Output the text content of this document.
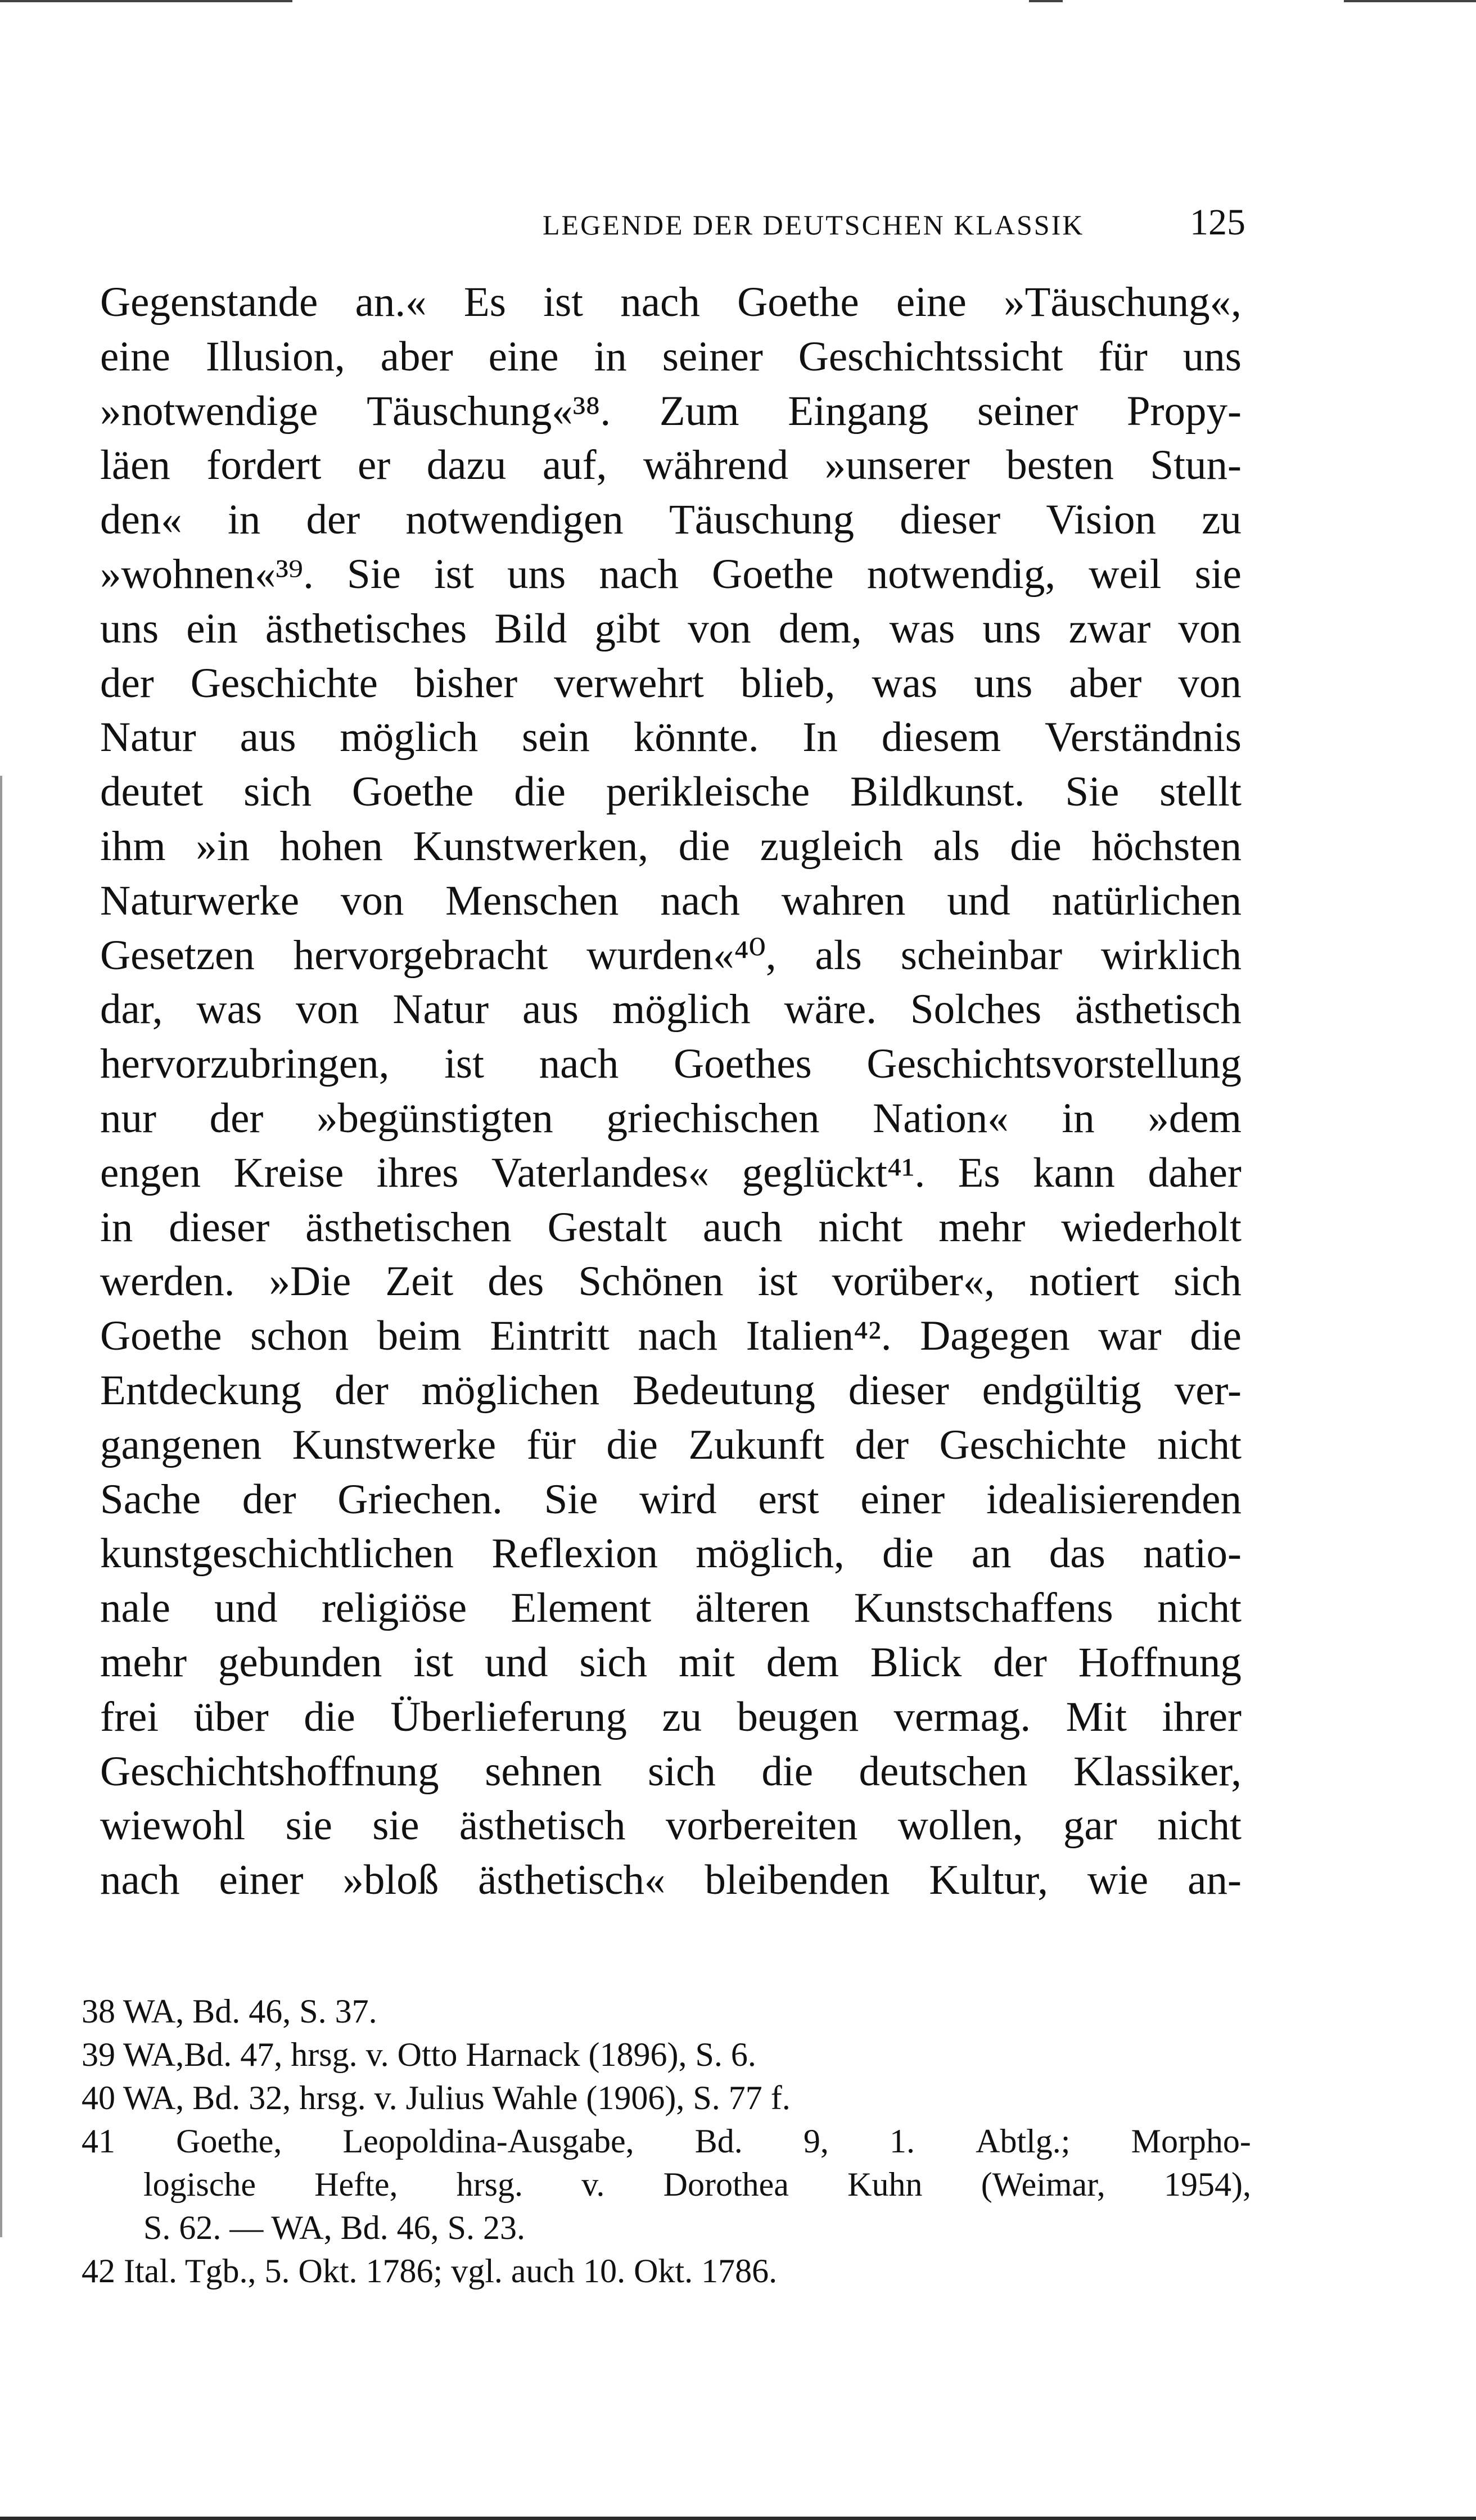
LEGENDE DER DEUTSCHEN KLASSIK	125
Gegenstande an.« Es ist nach Goethe eine »Täuschung«,
eine Illusion, aber eine in seiner Geschichtssicht für uns
»notwendige Täuschung«³⁸. Zum Eingang seiner Propy-
läen fordert er dazu auf, während »unserer besten Stun-
den« in der notwendigen Täuschung dieser Vision zu
»wohnen«³⁹. Sie ist uns nach Goethe notwendig, weil sie
uns ein ästhetisches Bild gibt von dem, was uns zwar von
der Geschichte bisher verwehrt blieb, was uns aber von
Natur aus möglich sein könnte. In diesem Verständnis
deutet sich Goethe die perikleische Bildkunst. Sie stellt
ihm »in hohen Kunstwerken, die zugleich als die höchsten
Naturwerke von Menschen nach wahren und natürlichen
Gesetzen hervorgebracht wurden«⁴⁰, als scheinbar wirklich
dar, was von Natur aus möglich wäre. Solches ästhetisch
hervorzubringen, ist nach Goethes Geschichtsvorstellung
nur der »begünstigten griechischen Nation« in »dem
engen Kreise ihres Vaterlandes« geglückt⁴¹. Es kann daher
in dieser ästhetischen Gestalt auch nicht mehr wiederholt
werden. »Die Zeit des Schönen ist vorüber«, notiert sich
Goethe schon beim Eintritt nach Italien⁴². Dagegen war die
Entdeckung der möglichen Bedeutung dieser endgültig ver-
gangenen Kunstwerke für die Zukunft der Geschichte nicht
Sache der Griechen. Sie wird erst einer idealisierenden
kunstgeschichtlichen Reflexion möglich, die an das natio-
nale und religiöse Element älteren Kunstschaffens nicht
mehr gebunden ist und sich mit dem Blick der Hoffnung
frei über die Überlieferung zu beugen vermag. Mit ihrer
Geschichtshoffnung sehnen sich die deutschen Klassiker,
wiewohl sie sie ästhetisch vorbereiten wollen, gar nicht
nach einer »bloß ästhetisch« bleibenden Kultur, wie an-
38 WA, Bd. 46, S. 37.
39 WA,Bd. 47, hrsg. v. Otto Harnack (1896), S. 6.
40 WA, Bd. 32, hrsg. v. Julius Wahle (1906), S. 77 f.
41 Goethe, Leopoldina-Ausgabe, Bd. 9, 1. Abtlg.; Morpho-
logische Hefte, hrsg. v. Dorothea Kuhn (Weimar, 1954),
S. 62. — WA, Bd. 46, S. 23.
42 Ital. Tgb., 5. Okt. 1786; vgl. auch 10. Okt. 1786.
